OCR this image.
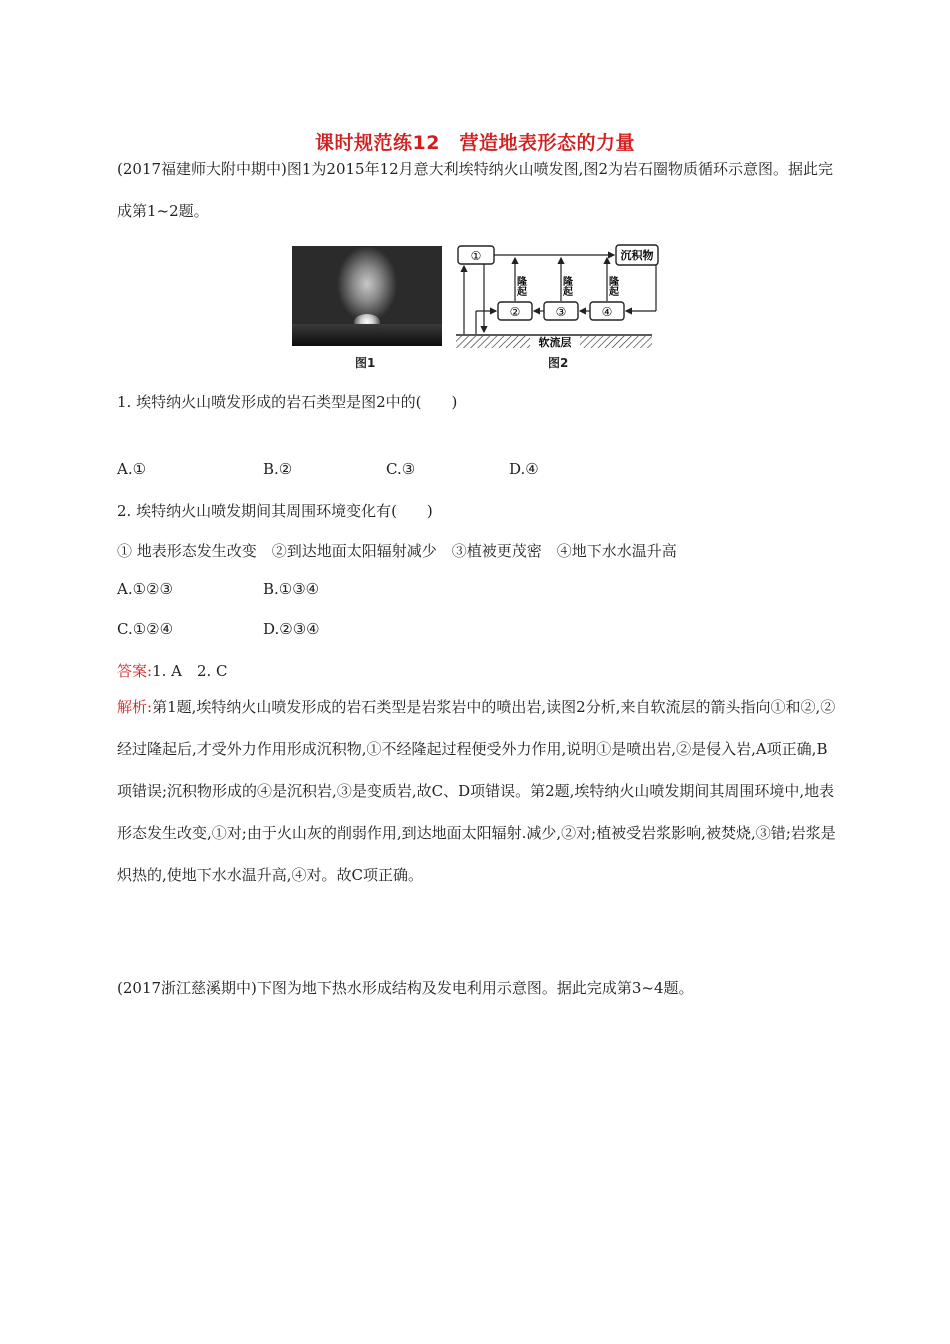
课时规范练12　营造地表形态的力量
(2017福建师大附中期中)图1为2015年12月意大利埃特纳火山喷发图,图2为岩石圈物质循环示意图。据此完成第1~2题。
图1
①
②	③	④
沉积物
隆起	隆起	隆起
软流层
图2
1. 埃特纳火山喷发形成的岩石类型是图2中的(　　)
A.①	B.②	C.③	D.④
2. 埃特纳火山喷发期间其周围环境变化有(　　)
① 地表形态发生改变　②到达地面太阳辐射减少　③植被更茂密　④地下水水温升高
A.①②③	B.①③④
C.①②④	D.②③④
答案:1. A　2. C
解析:第1题,埃特纳火山喷发形成的岩石类型是岩浆岩中的喷出岩,读图2分析,来自软流层的箭头指向①和②,②经过隆起后,才受外力作用形成沉积物,①不经隆起过程便受外力作用,说明①是喷出岩,②是侵入岩,A项正确,B项错误;沉积物形成的④是沉积岩,③是变质岩,故C、D项错误。第2题,埃特纳火山喷发期间其周围环境中,地表形态发生改变,①对;由于火山灰的削弱作用,到达地面太阳辐射.减少,②对;植被受岩浆影响,被焚烧,③错;岩浆是炽热的,使地下水水温升高,④对。故C项正确。
(2017浙江慈溪期中)下图为地下热水形成结构及发电利用示意图。据此完成第3~4题。
